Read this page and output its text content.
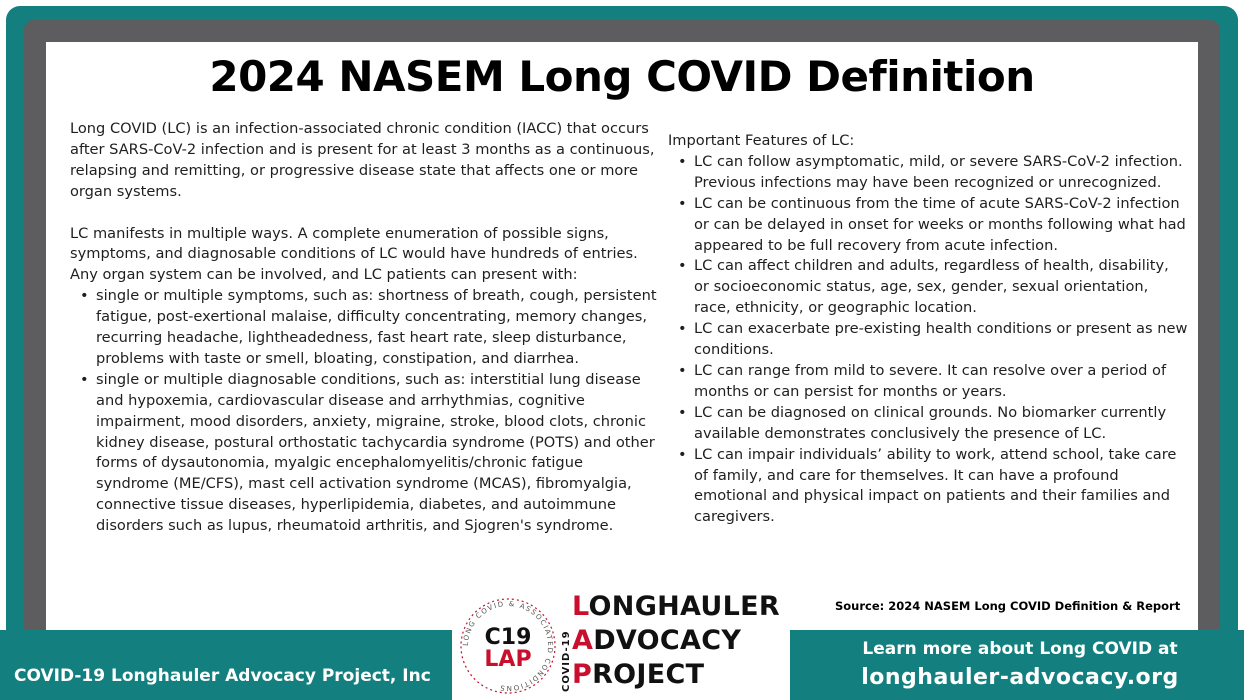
2024 NASEM Long COVID Definition

Long COVID (LC) is an infection-associated chronic condition (IACC) that occurs after SARS-CoV-2 infection and is present for at least 3 months as a continuous, relapsing and remitting, or progressive disease state that affects one or more organ systems.

LC manifests in multiple ways. A complete enumeration of possible signs, symptoms, and diagnosable conditions of LC would have hundreds of entries. Any organ system can be involved, and LC patients can present with:

• single or multiple symptoms, such as: shortness of breath, cough, persistent fatigue, post-exertional malaise, difficulty concentrating, memory changes, recurring headache, lightheadedness, fast heart rate, sleep disturbance, problems with taste or smell, bloating, constipation, and diarrhea.
• single or multiple diagnosable conditions, such as: interstitial lung disease and hypoxemia, cardiovascular disease and arrhythmias, cognitive impairment, mood disorders, anxiety, migraine, stroke, blood clots, chronic kidney disease, postural orthostatic tachycardia syndrome (POTS) and other forms of dysautonomia, myalgic encephalomyelitis/chronic fatigue syndrome (ME/CFS), mast cell activation syndrome (MCAS), fibromyalgia, connective tissue diseases, hyperlipidemia, diabetes, and autoimmune disorders such as lupus, rheumatoid arthritis, and Sjogren's syndrome.

Important Features of LC:

• LC can follow asymptomatic, mild, or severe SARS-CoV-2 infection. Previous infections may have been recognized or unrecognized.
• LC can be continuous from the time of acute SARS-CoV-2 infection or can be delayed in onset for weeks or months following what had appeared to be full recovery from acute infection.
• LC can affect children and adults, regardless of health, disability, or socioeconomic status, age, sex, gender, sexual orientation, race, ethnicity, or geographic location.
• LC can exacerbate pre-existing health conditions or present as new conditions.
• LC can range from mild to severe. It can resolve over a period of months or can persist for months or years.
• LC can be diagnosed on clinical grounds. No biomarker currently available demonstrates conclusively the presence of LC.
• LC can impair individuals’ ability to work, attend school, take care of family, and care for themselves. It can have a profound emotional and physical impact on patients and their families and caregivers.
Source: 2024 NASEM Long COVID Definition & Report
COVID-19 Longhauler Advocacy Project, Inc
Learn more about Long COVID at
longhauler-advocacy.org
LONG COVID & ASSOCIATED CONDITIONS
C19
LAP	COVID-19
LONGHAULER
ADVOCACY
PROJECT
